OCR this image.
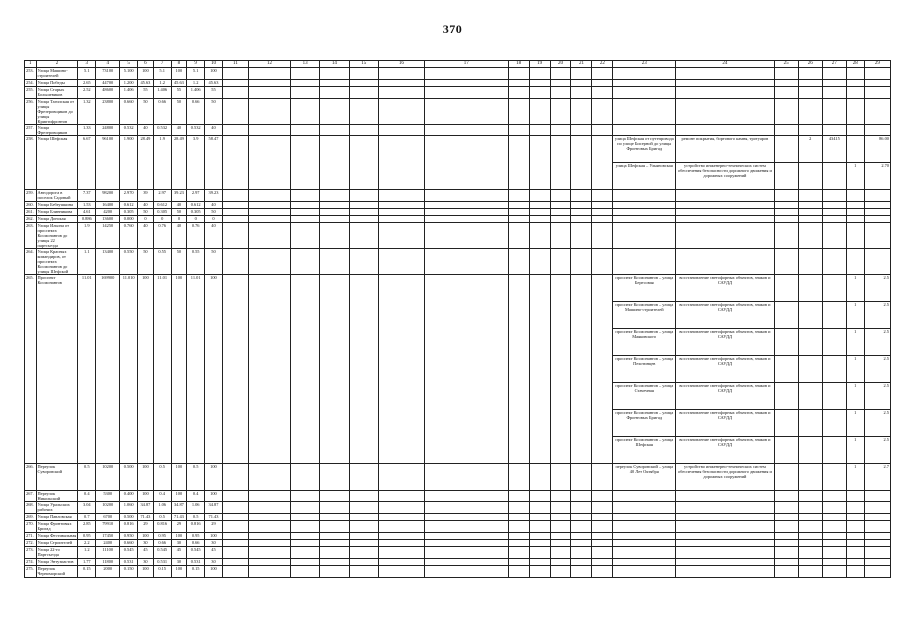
370
1	2	3	4	5	6	7	8	9	10	11	12	13	14	15	16	17	18	19	20	21	22	23	24	25	26	27	28	29
253.	Улица Машино-строителей	5.1	73100	5.100	100	5.1	100	5.1	100																			
254.	Улица Победы	2.65	44700	1.200	45.63	1.2	45.63	1.2	45.63																			
255.	Улица Старых Большевиков	2.52	48600	1.406	55	1.406	55	1.406	55																			
256.	Улица Тагилская от улицы Фрезеровщиков до улицы Криптофронтов	1.32	23800	0.660	50	0.66	50	0.66	50																			
257.	Улица Фрезеровщиков	1.33	24800	0.532	40	0.532	40	0.532	40																			
258.	Улица Шефская	6.67	96100	1.900	28.49	1.9	28.49	3.9	58.47													улица Шефская от путепровода по улице Бисерной до улицы Фронтовых Бригад	ремонт покрытия, бортового камня, тротуаров		2	43415		86.00
																						улица Шефская – Ульяновская	устройство инженерно-технических систем обеспечения безопасности дорожного движения и дорожных сооружений				1	2.70
259.	Автодорога в поселок Садовый	7.37	98200	2.970	39	2.97	39.23	2.97	39.23																			
260.	Улица Бебеушкина	1.53	16400	0.612	40	0.612	40	0.612	40																			
261.	Улица Блинникова	4.61	4200	0.305	50	0.305	50	0.305	50																			
262.	Улица Донская	0.886	13600	0.000	0	0	0	0	0																			
263.	Улица Ильича от проспекта Космонавтов до улицы 22 партсъезда	1.9	14250	0.760	40	0.76	40	0.76	40																			
264.	Улица Красных командиров, от проспекта Космонавтов до улицы Шефской	1.1	13400	0.550	50	0.55	50	0.55	50																			
265.	Проспект Космонавтов	11.01	169900	11.010	100	11.01	100	11.01	100													проспект Космонавтов – улица Бересовая	восстановление светофорных объектов, знаков и САУДД				1	2.5
																						проспект Космонавтов – улица Машино-строителей	восстановление светофорных объектов, знаков и САУДД				1	2.5
																						проспект Космонавтов – улица Маяковского	восстановление светофорных объектов, знаков и САУДД				1	2.5
																						проспект Космонавтов – улица Пехотинцев	восстановление светофорных объектов, знаков и САУДД				1	2.5
																						проспект Космонавтов – улица Стачечная	восстановление светофорных объектов, знаков и САУДД				1	2.5
																						проспект Космонавтов – улица Фронтовых Бригад	восстановление светофорных объектов, знаков и САУДД				1	2.5
																						проспект Космонавтов – улица Шефская	восстановление светофорных объектов, знаков и САУДД				1	2.5
266.	Переулок Суворовский	0.5	10200	0.500	100	0.5	100	0.5	100													переулок Суворовский – улица 40 Лет Октября	устройство инженерно-технических систем обеспечения безопасности дорожного движения и дорожных сооружений				1	2.7
267.	Переулок Никольский	0.4	5300	0.400	100	0.4	100	0.4	100																			
268.	Улица Уральских рабочих	3.04	10200	1.060	34.87	1.06	34.87	1.06	34.87																			
269.	Улица Павловская	0.7	6700	0.500	71.43	0.5	71.43	0.5	71.43																			
270.	Улица Фронтовых Бригад	2.85	79910	0.816	29	0.816	29	0.816	29																			
271.	Улица Фестивальная	0.95	17450	0.950	100	0.95	100	0.95	100																			
272.	Улица Строителей	2.2	2400	0.660	30	0.66	30	0.66	30																			
273.	Улица 22-го Партсъезда	1.2	11100	0.545	45	0.545	45	0.545	45																			
274.	Улица Энтузиастов	1.77	11800	0.531	30	0.531	30	0.531	30																			
275.	Переулок Черноморский	0.15	2000	0.150	100	0.15	100	0.15	100																			
